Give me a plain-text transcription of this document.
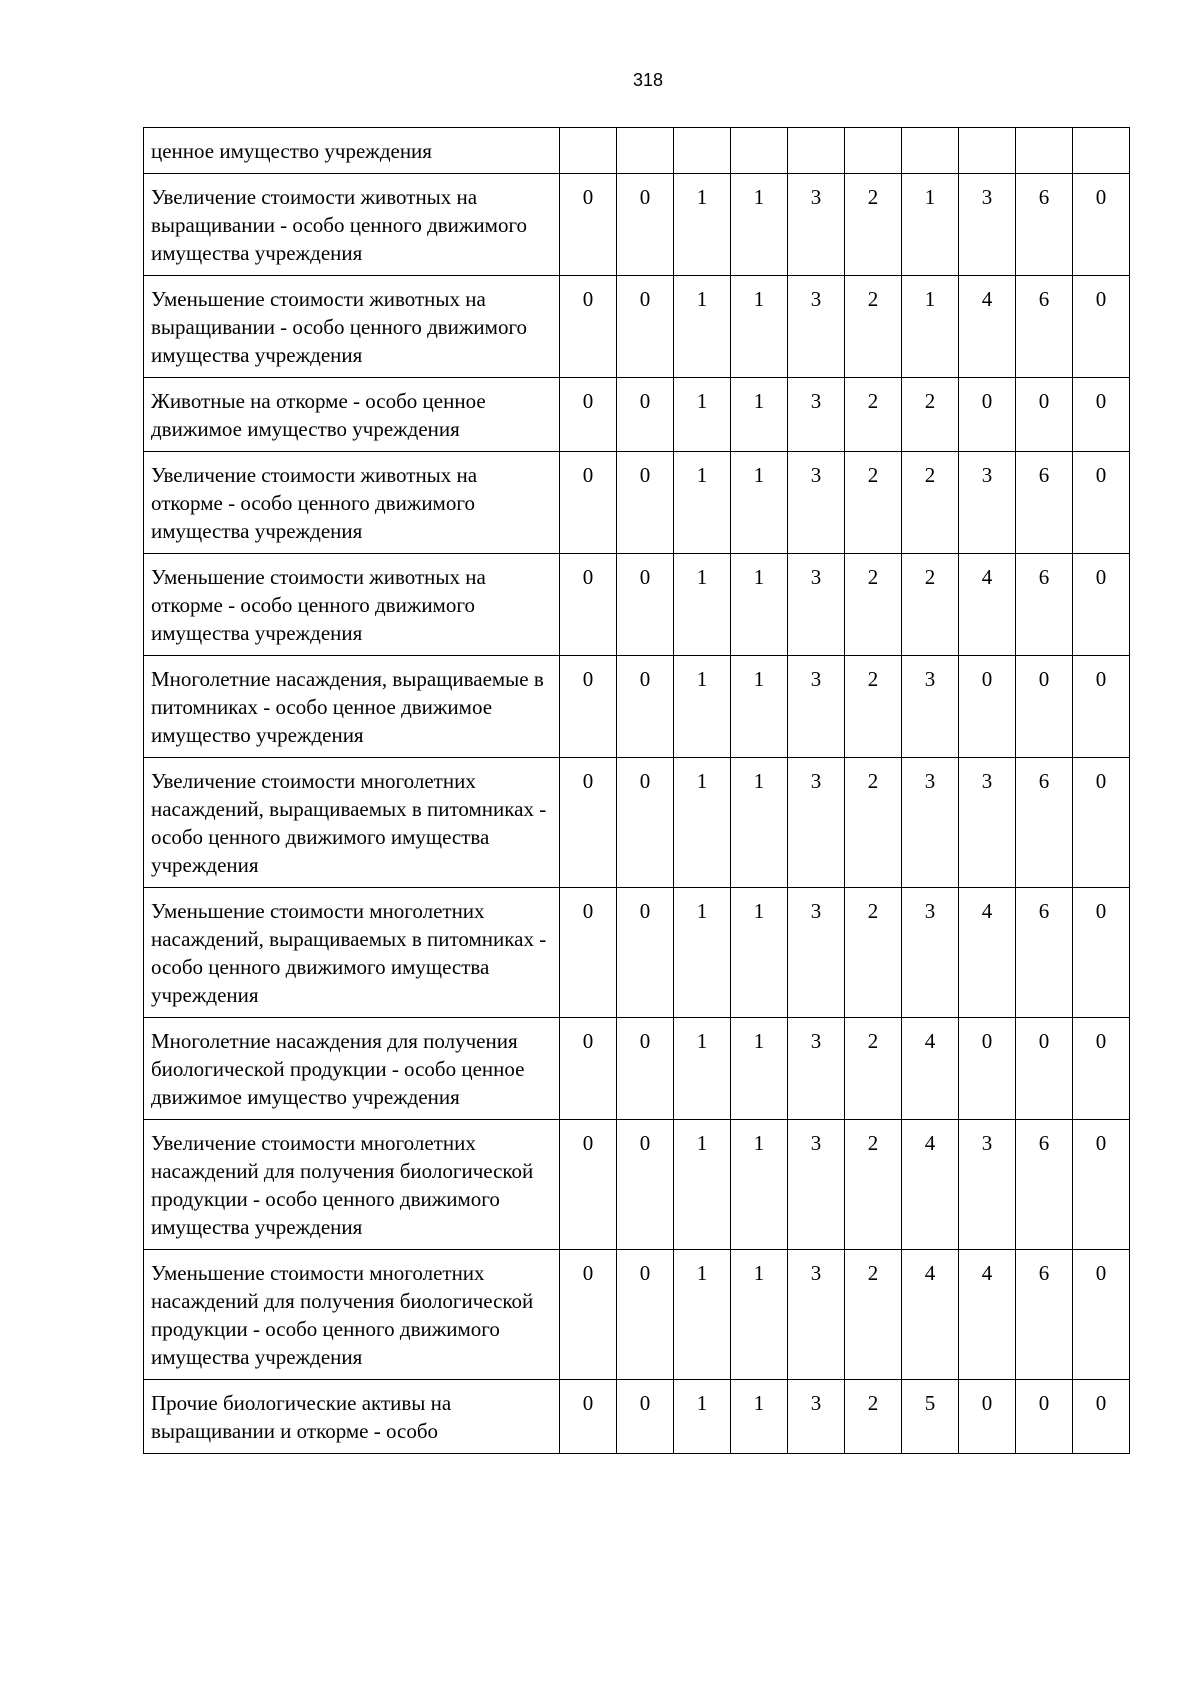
318
ценное имущество учреждения										
Увеличение стоимости животных на выращивании - особо ценного движимого имущества учреждения	0	0	1	1	3	2	1	3	6	0
Уменьшение стоимости животных на выращивании - особо ценного движимого имущества учреждения	0	0	1	1	3	2	1	4	6	0
Животные на откорме - особо ценное движимое имущество учреждения	0	0	1	1	3	2	2	0	0	0
Увеличение стоимости животных на откорме - особо ценного движимого имущества учреждения	0	0	1	1	3	2	2	3	6	0
Уменьшение стоимости животных на откорме - особо ценного движимого имущества учреждения	0	0	1	1	3	2	2	4	6	0
Многолетние насаждения, выращиваемые в питомниках - особо ценное движимое имущество учреждения	0	0	1	1	3	2	3	0	0	0
Увеличение стоимости многолетних насаждений, выращиваемых в питомниках - особо ценного движимого имущества учреждения	0	0	1	1	3	2	3	3	6	0
Уменьшение стоимости многолетних насаждений, выращиваемых в питомниках - особо ценного движимого имущества учреждения	0	0	1	1	3	2	3	4	6	0
Многолетние насаждения для получения биологической продукции - особо ценное движимое имущество учреждения	0	0	1	1	3	2	4	0	0	0
Увеличение стоимости многолетних насаждений для получения биологической продукции - особо ценного движимого имущества учреждения	0	0	1	1	3	2	4	3	6	0
Уменьшение стоимости многолетних насаждений для получения биологической продукции - особо ценного движимого имущества учреждения	0	0	1	1	3	2	4	4	6	0
Прочие биологические активы на выращивании и откорме - особо	0	0	1	1	3	2	5	0	0	0
